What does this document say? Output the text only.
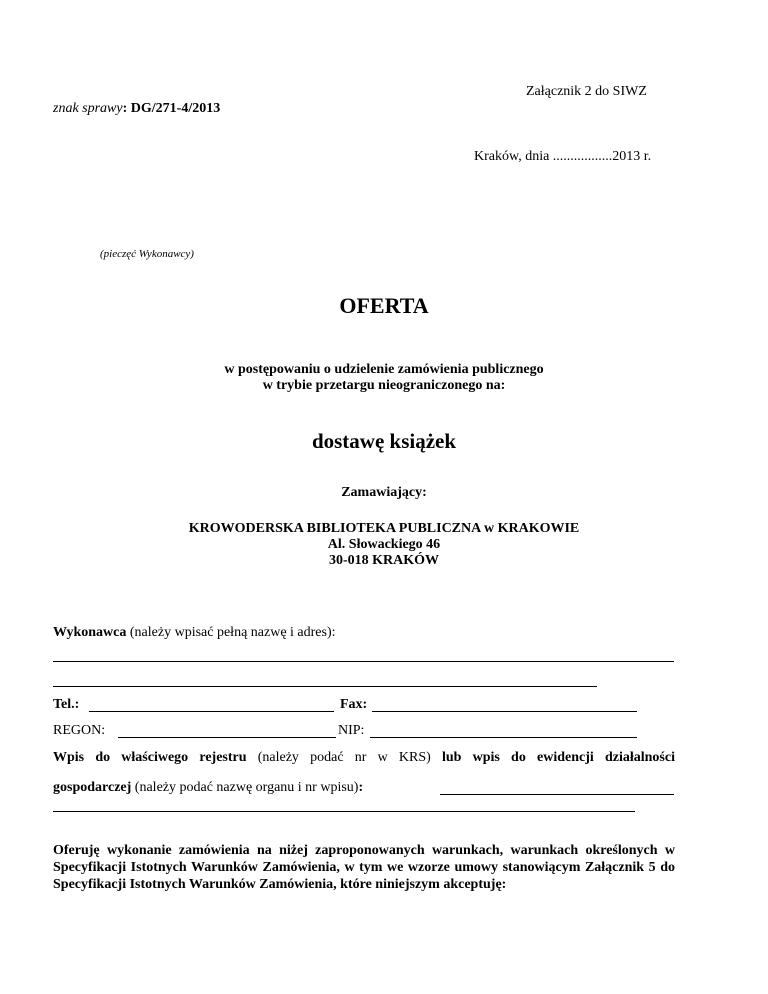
Załącznik 2 do SIWZ
znak sprawy: DG/271-4/2013
Kraków, dnia .................2013 r.
(pieczęć Wykonawcy)
OFERTA
w postępowaniu o udzielenie zamówienia publicznego
w trybie przetargu nieograniczonego na:
dostawę książek
Zamawiający:
KROWODERSKA BIBLIOTEKA PUBLICZNA w KRAKOWIE
Al. Słowackiego 46
30-018 KRAKÓW
Wykonawca (należy wpisać pełną nazwę i adres):
Tel.:	Fax:
REGON:	NIP:
Wpis do właściwego rejestru (należy podać nr w KRS) lub wpis do ewidencji działalności
gospodarczej (należy podać nazwę organu i nr wpisu):
Oferuję wykonanie zamówienia na niżej zaproponowanych warunkach, warunkach określonych w Specyfikacji Istotnych Warunków Zamówienia, w tym we wzorze umowy stanowiącym Załącznik 5 do Specyfikacji Istotnych Warunków Zamówienia, które niniejszym akceptuję:
